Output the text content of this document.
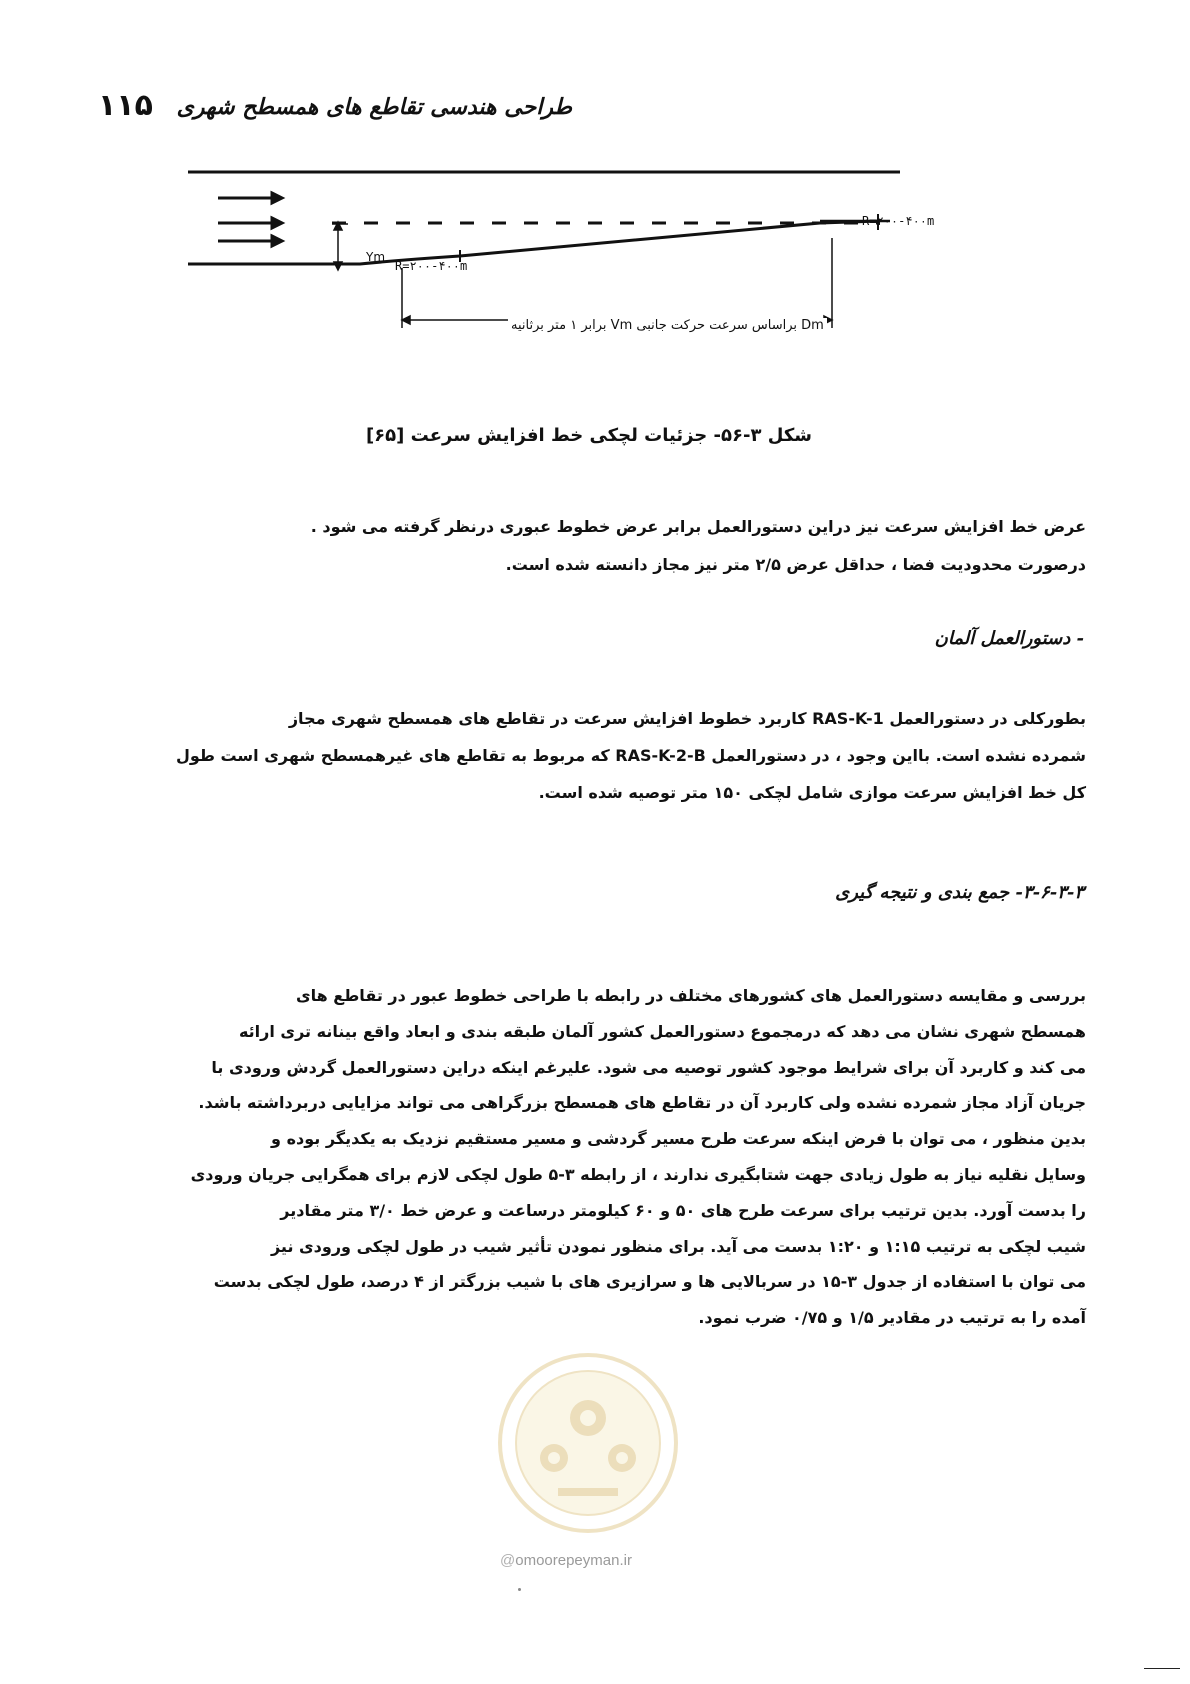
۱۱۵ طراحی هندسی تقاطع های همسطح شهری
R=۲۰۰-۴۰۰m
Ym
R=۲۰۰-۴۰۰m
Dm براساس سرعت حرکت جانبی Vm برابر ۱ متر برثانیه
شکل ۳-۵۶- جزئیات لچکی خط افزایش سرعت [۶۵]
عرض خط افزایش سرعت نیز دراین دستورالعمل برابر عرض خطوط عبوری درنظر گرفته می شود .
درصورت محدودیت فضا ، حداقل عرض ۲/۵ متر نیز مجاز دانسته شده است.
- دستورالعمل آلمان
بطورکلی در دستورالعمل RAS-K-1 کاربرد خطوط افزایش سرعت در تقاطع های همسطح شهری مجاز
شمرده نشده است. بااین وجود ، در دستورالعمل RAS-K-2-B که مربوط به تقاطع های غیرهمسطح شهری است طول
کل خط افزایش سرعت موازی شامل لچکی ۱۵۰ متر توصیه شده است.
۳-۶-۳-۳- جمع بندی و نتیجه گیری
بررسی و مقایسه دستورالعمل های کشورهای مختلف در رابطه با طراحی خطوط عبور در تقاطع های
همسطح شهری نشان می دهد که درمجموع دستورالعمل کشور آلمان طبقه بندی و ابعاد واقع بینانه تری ارائه
می کند و کاربرد آن برای شرایط موجود کشور توصیه می شود. علیرغم اینکه دراین دستورالعمل گردش ورودی با
جریان آزاد مجاز شمرده نشده ولی کاربرد آن در تقاطع های همسطح بزرگراهی می تواند مزایایی دربرداشته باشد.
بدین منظور ، می توان با فرض اینکه سرعت طرح مسیر گردشی و مسیر مستقیم نزدیک به یکدیگر بوده و
وسایل نقلیه نیاز به طول زیادی جهت شتابگیری ندارند ، از رابطه ۳-۵ طول لچکی لازم برای همگرایی جریان ورودی
را بدست آورد. بدین ترتیب برای سرعت طرح های ۵۰ و ۶۰ کیلومتر درساعت و عرض خط ۳/۰ متر مقادیر
شیب لچکی به ترتیب ۱:۱۵ و ۱:۲۰ بدست می آید. برای منظور نمودن تأثیر شیب در طول لچکی ورودی نیز
می توان با استفاده از جدول ۳-۱۵ در سربالایی ها و سرازیری های با شیب بزرگتر از ۴ درصد، طول لچکی بدست
آمده را به ترتیب در مقادیر ۱/۵ و ۰/۷۵ ضرب نمود.
@omoorepeyman.ir
